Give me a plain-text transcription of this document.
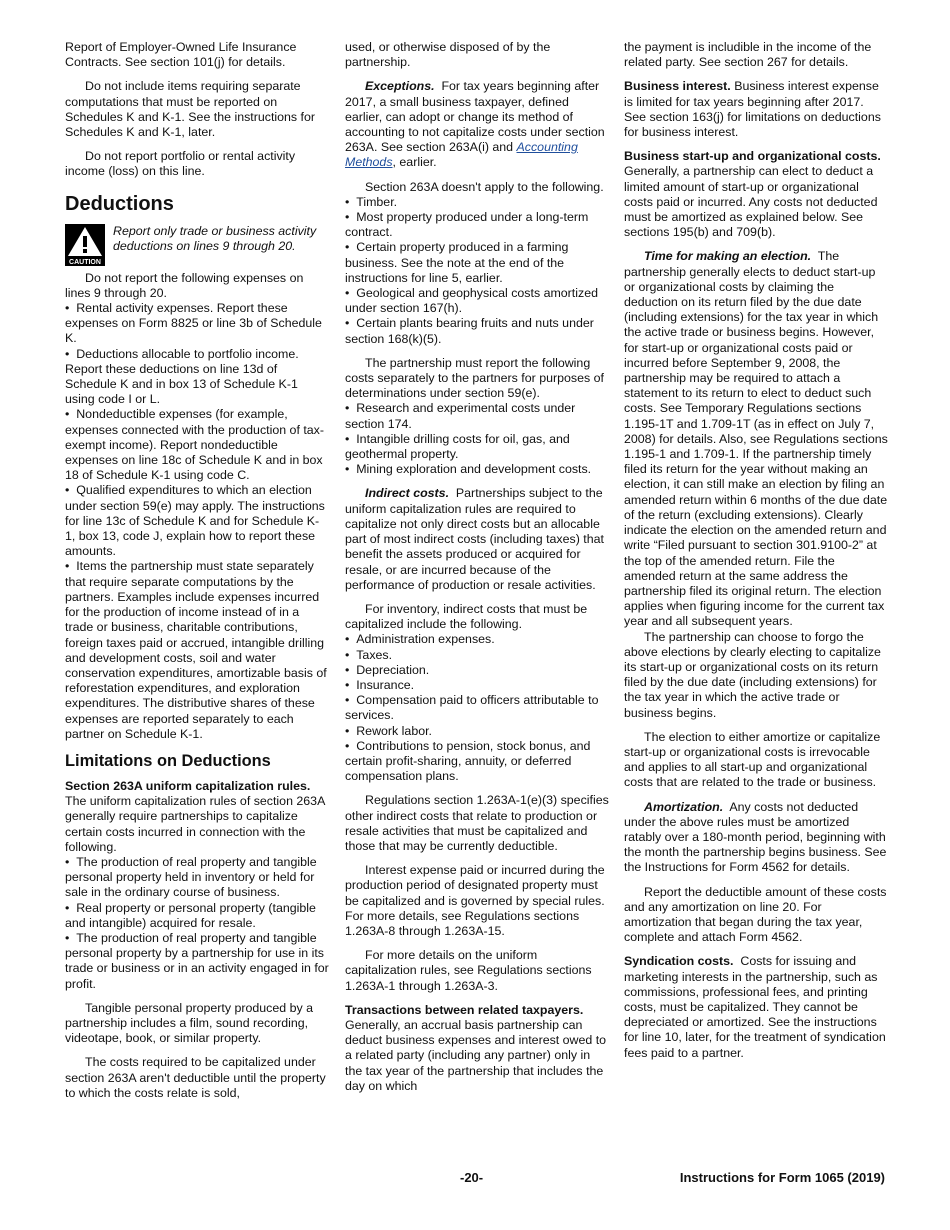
Report of Employer-Owned Life Insurance Contracts. See section 101(j) for details.

Do not include items requiring separate computations that must be reported on Schedules K and K-1. See the instructions for Schedules K and K-1, later.

Do not report portfolio or rental activity income (loss) on this line.

Deductions
CAUTION
Report only trade or business activity deductions on lines 9 through 20.

Do not report the following expenses on lines 9 through 20.

•  Rental activity expenses. Report these expenses on Form 8825 or line 3b of Schedule K.
•  Deductions allocable to portfolio income. Report these deductions on line 13d of Schedule K and in box 13 of Schedule K-1 using code I or L.
•  Nondeductible expenses (for example, expenses connected with the production of tax-exempt income). Report nondeductible expenses on line 18c of Schedule K and in box 18 of Schedule K-1 using code C.
•  Qualified expenditures to which an election under section 59(e) may apply. The instructions for line 13c of Schedule K and for Schedule K-1, box 13, code J, explain how to report these amounts.
•  Items the partnership must state separately that require separate computations by the partners. Examples include expenses incurred for the production of income instead of in a trade or business, charitable contributions, foreign taxes paid or accrued, intangible drilling and development costs, soil and water conservation expenditures, amortizable basis of reforestation expenditures, and exploration expenditures. The distributive shares of these expenses are reported separately to each partner on Schedule K-1.
Limitations on Deductions

Section 263A uniform capitalization rules. The uniform capitalization rules of section 263A generally require partnerships to capitalize certain costs incurred in connection with the following.

•  The production of real property and tangible personal property held in inventory or held for sale in the ordinary course of business.
•  Real property or personal property (tangible and intangible) acquired for resale.
•  The production of real property and tangible personal property by a partnership for use in its trade or business or in an activity engaged in for profit.

Tangible personal property produced by a partnership includes a film, sound recording, videotape, book, or similar property.

The costs required to be capitalized under section 263A aren't deductible until the property to which the costs relate is sold,

used, or otherwise disposed of by the partnership.

Exceptions. For tax years beginning after 2017, a small business taxpayer, defined earlier, can adopt or change its method of accounting to not capitalize costs under section 263A. See section 263A(i) and Accounting Methods, earlier.

Section 263A doesn't apply to the following.

•  Timber.
•  Most property produced under a long-term contract.
•  Certain property produced in a farming business. See the note at the end of the instructions for line 5, earlier.
•  Geological and geophysical costs amortized under section 167(h).
•  Certain plants bearing fruits and nuts under section 168(k)(5).

The partnership must report the following costs separately to the partners for purposes of determinations under section 59(e).

•  Research and experimental costs under section 174.
•  Intangible drilling costs for oil, gas, and geothermal property.
•  Mining exploration and development costs.

Indirect costs. Partnerships subject to the uniform capitalization rules are required to capitalize not only direct costs but an allocable part of most indirect costs (including taxes) that benefit the assets produced or acquired for resale, or are incurred because of the performance of production or resale activities.

For inventory, indirect costs that must be capitalized include the following.

•  Administration expenses.
•  Taxes.
•  Depreciation.
•  Insurance.
•  Compensation paid to officers attributable to services.
•  Rework labor.
•  Contributions to pension, stock bonus, and certain profit-sharing, annuity, or deferred compensation plans.

Regulations section 1.263A-1(e)(3) specifies other indirect costs that relate to production or resale activities that must be capitalized and those that may be currently deductible.

Interest expense paid or incurred during the production period of designated property must be capitalized and is governed by special rules. For more details, see Regulations sections 1.263A-8 through 1.263A-15.

For more details on the uniform capitalization rules, see Regulations sections 1.263A-1 through 1.263A-3.

Transactions between related taxpayers. Generally, an accrual basis partnership can deduct business expenses and interest owed to a related party (including any partner) only in the tax year of the partnership that includes the day on which

the payment is includible in the income of the related party. See section 267 for details.

Business interest. Business interest expense is limited for tax years beginning after 2017. See section 163(j) for limitations on deductions for business interest.

Business start-up and organizational costs.  Generally, a partnership can elect to deduct a limited amount of start-up or organizational costs paid or incurred. Any costs not deducted must be amortized as explained below. See sections 195(b) and 709(b).

Time for making an election. The partnership generally elects to deduct start-up or organizational costs by claiming the deduction on its return filed by the due date (including extensions) for the tax year in which the active trade or business begins. However, for start-up or organizational costs paid or incurred before September 9, 2008, the partnership may be required to attach a statement to its return to elect to deduct such costs. See Temporary Regulations sections 1.195-1T and 1.709-1T (as in effect on July 7, 2008) for details. Also, see Regulations sections 1.195-1 and 1.709-1. If the partnership timely filed its return for the year without making an election, it can still make an election by filing an amended return within 6 months of the due date of the return (excluding extensions). Clearly indicate the election on the amended return and write “Filed pursuant to section 301.9100-2” at the top of the amended return. File the amended return at the same address the partnership filed its original return. The election applies when figuring income for the current tax year and all subsequent years.

The partnership can choose to forgo the above elections by clearly electing to capitalize its start-up or organizational costs on its return filed by the due date (including extensions) for the tax year in which the active trade or business begins.

The election to either amortize or capitalize start-up or organizational costs is irrevocable and applies to all start-up and organizational costs that are related to the trade or business.

Amortization. Any costs not deducted under the above rules must be amortized ratably over a 180-month period, beginning with the month the partnership begins business. See the Instructions for Form 4562 for details.

Report the deductible amount of these costs and any amortization on line 20. For amortization that began during the tax year, complete and attach Form 4562.

Syndication costs. Costs for issuing and marketing interests in the partnership, such as commissions, professional fees, and printing costs, must be capitalized. They cannot be depreciated or amortized. See the instructions for line 10, later, for the treatment of syndication fees paid to a partner.

-20-	Instructions for Form 1065 (2019)
